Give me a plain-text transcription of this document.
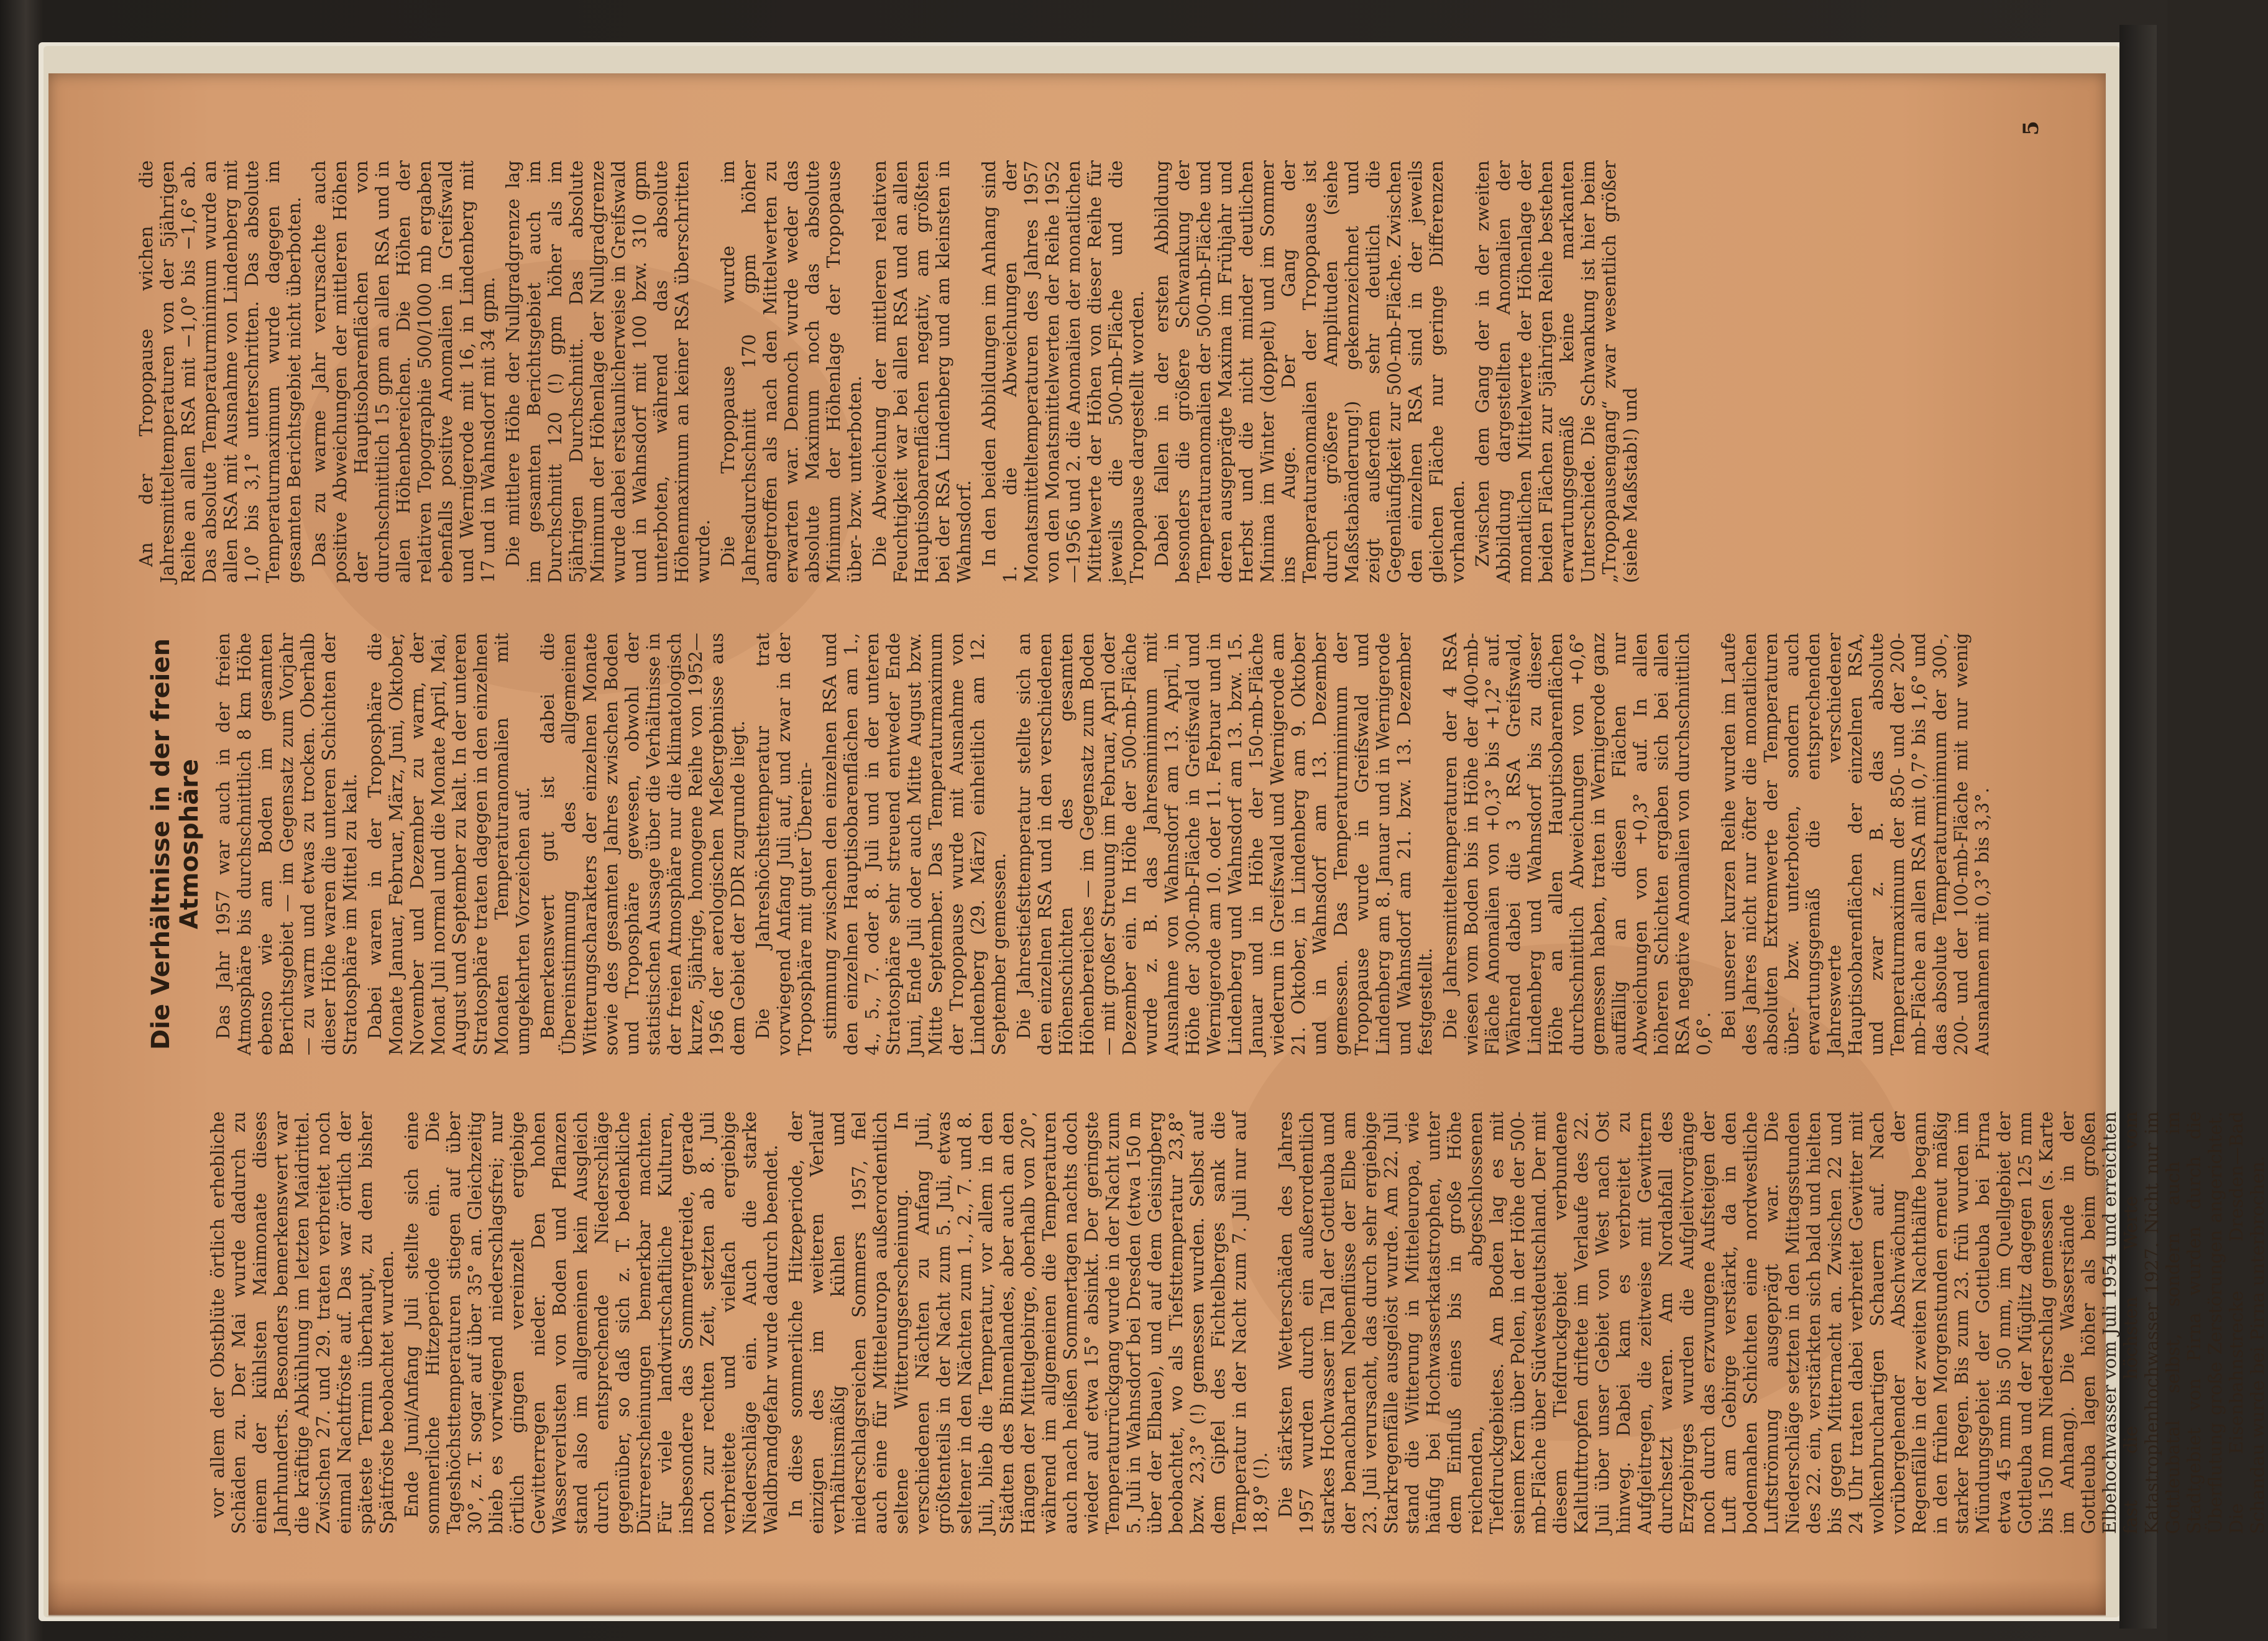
vor allem der Obstblüte örtlich erhebliche Schäden zu. Der Mai wurde dadurch zu einem der kühlsten Maimonate dieses Jahrhunderts. Besonders bemerkenswert war die kräftige Abkühlung im letzten Maidrittel. Zwischen 27. und 29. traten verbreitet noch einmal Nachtfröste auf. Das war örtlich der späteste Termin überhaupt, zu dem bisher Spätfröste beobachtet wurden. Ende Juni/Anfang Juli stellte sich eine sommerliche Hitzeperiode ein. Die Tageshöchsttemperaturen stiegen auf über 30°, z. T. sogar auf über 35° an. Gleichzeitig blieb es vorwiegend niederschlagsfrei; nur örtlich gingen vereinzelt ergiebige Gewitterregen nieder. Den hohen Wasserverlusten von Boden und Pflanzen stand also im allgemeinen kein Ausgleich durch entsprechende Niederschläge gegenüber, so daß sich z. T. bedenkliche Dürreerscheinungen bemerkbar machten. Für viele landwirtschaftliche Kulturen, insbesondere das Sommergetreide, gerade noch zur rechten Zeit, setzten ab 8. Juli verbreitete und vielfach ergiebige Niederschläge ein. Auch die starke Waldbrandgefahr wurde dadurch beendet. In diese sommerliche Hitzeperiode, der einzigen des im weiteren Verlauf verhältnismäßig kühlen und niederschlagsreichen Sommers 1957, fiel auch eine für Mitteleuropa außerordentlich seltene Witterungserscheinung. In verschiedenen Nächten zu Anfang Juli, größtenteils in der Nacht zum 5. Juli, etwas seltener in den Nächten zum 1., 2., 7. und 8. Juli, blieb die Temperatur, vor allem in den Städten des Binnenlandes, aber auch an den Hängen der Mittelgebirge, oberhalb von 20°, während im allgemeinen die Temperaturen auch nach heißen Sommertagen nachts doch wieder auf etwa 15° absinkt. Der geringste Temperaturrückgang wurde in der Nacht zum 5. Juli in Wahnsdorf bei Dresden (etwa 150 m über der Elbaue), und auf dem Geisingberg beobachtet, wo als Tiefsttemperatur 23,8° bzw. 23,3° (!) gemessen wurden. Selbst auf dem Gipfel des Fichtelberges sank die Temperatur in der Nacht zum 7. Juli nur auf 18,9° (!). Die stärksten Wetterschäden des Jahres 1957 wurden durch ein außerordentlich starkes Hochwasser im Tal der Gottleuba und der benachbarten Nebenflüsse der Elbe am 23. Juli verursacht, das durch sehr ergiebige Starkregenfälle ausgelöst wurde. Am 22. Juli stand die Witterung in Mitteleuropa, wie häufig bei Hochwasserkatastrophen, unter dem Einfluß eines bis in große Höhe reichenden, abgeschlossenen Tiefdruckgebietes. Am Boden lag es mit seinem Kern über Polen, in der Höhe der 500-mb-Fläche über Südwestdeutschland. Der mit diesem Tiefdruckgebiet verbundene Kaltlufttropfen driftete im Verlaufe des 22. Juli über unser Gebiet von West nach Ost hinweg. Dabei kam es verbreitet zu Aufgleitregen, die zeitweise mit Gewittern durchsetzt waren. Am Nordabfall des Erzgebirges wurden die Aufgleitvorgänge noch durch das erzwungene Aufsteigen der Luft am Gebirge verstärkt, da in den bodennahen Schichten eine nordwestliche Luftströmung ausgeprägt war. Die Niederschläge setzten in den Mittagsstunden des 22. ein, verstärkten sich bald und hielten bis gegen Mitternacht an. Zwischen 22 und 24 Uhr traten dabei verbreitet Gewitter mit wolkenbruchartigen Schauern auf. Nach vorübergehender Abschwächung der Regenfälle in der zweiten Nachthälfte begann in den frühen Morgenstunden erneut mäßig starker Regen. Bis zum 23. früh wurden im Mündungsgebiet der Gottleuba bei Pirna etwa 45 mm bis 50 mm, im Quellgebiet der Gottleuba und der Müglitz dagegen 125 mm bis 150 mm Niederschlag gemessen (s. Karte im Anhang). Die Wasserstände in der Gottleuba lagen höher als beim großen Elbehochwasser vom Juli 1954 und erreichten fast die höchsten Werte vom Katastrophenhochwasser 1927. Nicht nur im Gottleubatal selbst, sondern auch im Stadtgebiet von Pirna wurden durch die Überflutung große Zerstörungen angerichtet. Die Eisenbahnstrecke Dresden—Bad Schandau wurde bei Pirna unterbrochen.

Die Verhältnisse in der freien Atmosphäre Das Jahr 1957 war auch in der freien Atmosphäre bis durchschnittlich 8 km Höhe ebenso wie am Boden im gesamten Berichtsgebiet — im Gegensatz zum Vorjahr — zu warm und etwas zu trocken. Oberhalb dieser Höhe waren die unteren Schichten der Stratosphäre im Mittel zu kalt. Dabei waren in der Troposphäre die Monate Januar, Februar, März, Juni, Oktober, November und Dezember zu warm, der Monat Juli normal und die Monate April, Mai, August und September zu kalt. In der unteren Stratosphäre traten dagegen in den einzelnen Monaten Temperaturanomalien mit umgekehrten Vorzeichen auf. Bemerkenswert gut ist dabei die Übereinstimmung des allgemeinen Witterungscharakters der einzelnen Monate sowie des gesamten Jahres zwischen Boden und Troposphäre gewesen, obwohl der statistischen Aussage über die Verhältnisse in der freien Atmosphäre nur die klimatologisch kurze, 5jährige, homogene Reihe von 1952—1956 der aerologischen Meßergebnisse aus dem Gebiet der DDR zugrunde liegt. Die Jahreshöchsttemperatur trat vorwiegend Anfang Juli auf, und zwar in der Troposphäre mit guter Überein- stimmung zwischen den einzelnen RSA und den einzelnen Hauptisobarenflächen am 1., 4., 5., 7. oder 8. Juli und in der unteren Stratosphäre sehr streuend entweder Ende Juni, Ende Juli oder auch Mitte August bzw. Mitte September. Das Temperaturmaximum der Tropopause wurde mit Ausnahme von Lindenberg (29. März) einheitlich am 12. September gemessen. Die Jahrestiefsttemperatur stellte sich an den einzelnen RSA und in den verschiedenen Höhenschichten des gesamten Höhenbereiches — im Gegensatz zum Boden — mit großer Streuung im Februar, April oder Dezember ein. In Höhe der 500-mb-Fläche wurde z. B. das Jahresminimum mit Ausnahme von Wahnsdorf am 13. April, in Höhe der 300-mb-Fläche in Greifswald und Wernigerode am 10. oder 11. Februar und in Lindenberg und Wahnsdorf am 13. bzw. 15. Januar und in Höhe der 150-mb-Fläche wiederum in Greifswald und Wernigerode am 21. Oktober, in Lindenberg am 9. Oktober und in Wahnsdorf am 13. Dezember gemessen. Das Temperaturminimum der Tropopause wurde in Greifswald und Lindenberg am 8. Januar und in Wernigerode und Wahnsdorf am 21. bzw. 13. Dezember festgestellt. Die Jahresmitteltemperaturen der 4 RSA wiesen vom Boden bis in Höhe der 400-mb-Fläche Anomalien von +0,3° bis +1,2° auf. Während dabei die 3 RSA Greifswald, Lindenberg und Wahnsdorf bis zu dieser Höhe an allen Hauptisobarenflächen durchschnittlich Abweichungen von +0,6° gemessen haben, traten in Wernigerode ganz auffällig an diesen Flächen nur Abweichungen von +0,3° auf. In allen höheren Schichten ergaben sich bei allen RSA negative Anomalien von durchschnittlich 0,6°. Bei unserer kurzen Reihe wurden im Laufe des Jahres nicht nur öfter die monatlichen absoluten Extremwerte der Temperaturen über- bzw. unterboten, sondern auch erwartungsgemäß die entsprechenden Jahreswerte verschiedener Hauptisobarenflächen der einzelnen RSA, und zwar z. B. das absolute Temperaturmaximum der 850- und der 200-mb-Fläche an allen RSA mit 0,7° bis 1,6° und das absolute Temperaturminimum der 300-, 200- und der 100-mb-Fläche mit nur wenig Ausnahmen mit 0,3° bis 3,3°.

An der Tropopause wichen die Jahresmitteltemperaturen von der 5jährigen Reihe an allen RSA mit −1,0° bis −1,6° ab. Das absolute Temperaturminimum wurde an allen RSA mit Ausnahme von Lindenberg mit 1,0° bis 3,1° unterschritten. Das absolute Temperaturmaximum wurde dagegen im gesamten Berichtsgebiet nicht überboten. Das zu warme Jahr verursachte auch positive Abweichungen der mittleren Höhen der Hauptisobarenflächen von durchschnittlich 15 gpm an allen RSA und in allen Höhenbereichen. Die Höhen der relativen Topographie 500/1000 mb ergaben ebenfalls positive Anomalien in Greifswald und Wernigerode mit 16, in Lindenberg mit 17 und in Wahnsdorf mit 34 gpm. Die mittlere Höhe der Nullgradgrenze lag im gesamten Berichtsgebiet auch im Durchschnitt 120 (!) gpm höher als im 5jährigen Durchschnitt. Das absolute Minimum der Höhenlage der Nullgradgrenze wurde dabei erstaunlicherweise in Greifswald und in Wahnsdorf mit 100 bzw. 310 gpm unterboten, während das absolute Höhenmaximum an keiner RSA überschritten wurde. Die Tropopause wurde im Jahresdurchschnitt 170 gpm höher angetroffen als nach den Mittelwerten zu erwarten war. Dennoch wurde weder das absolute Maximum noch das absolute Minimum der Höhenlage der Tropopause über- bzw. unterboten. Die Abweichung der mittleren relativen Feuchtigkeit war bei allen RSA und an allen Hauptisobarenflächen negativ, am größten bei der RSA Lindenberg und am kleinsten in Wahnsdorf. In den beiden Abbildungen im Anhang sind 1. die Abweichungen der Monatsmitteltemperaturen des Jahres 1957 von den Monatsmittelwerten der Reihe 1952—1956 und 2. die Anomalien der monatlichen Mittelwerte der Höhen von dieser Reihe für jeweils die 500-mb-Fläche und die Tropopause dargestellt worden. Dabei fallen in der ersten Abbildung besonders die größere Schwankung der Temperaturanomalien der 500-mb-Fläche und deren ausgeprägte Maxima im Frühjahr und Herbst und die nicht minder deutlichen Minima im Winter (doppelt) und im Sommer ins Auge. Der Gang der Temperaturanomalien der Tropopause ist durch größere Amplituden (siehe Maßstabänderung!) gekennzeichnet und zeigt außerdem sehr deutlich die Gegenläufigkeit zur 500-mb-Fläche. Zwischen den einzelnen RSA sind in der jeweils gleichen Fläche nur geringe Differenzen vorhanden. Zwischen dem Gang der in der zweiten Abbildung dargestellten Anomalien der monatlichen Mittelwerte der Höhenlage der beiden Flächen zur 5jährigen Reihe bestehen erwartungsgemäß keine markanten Unterschiede. Die Schwankung ist hier beim „Tropopausengang“ zwar wesentlich größer (siehe Maßstab!) und

5
